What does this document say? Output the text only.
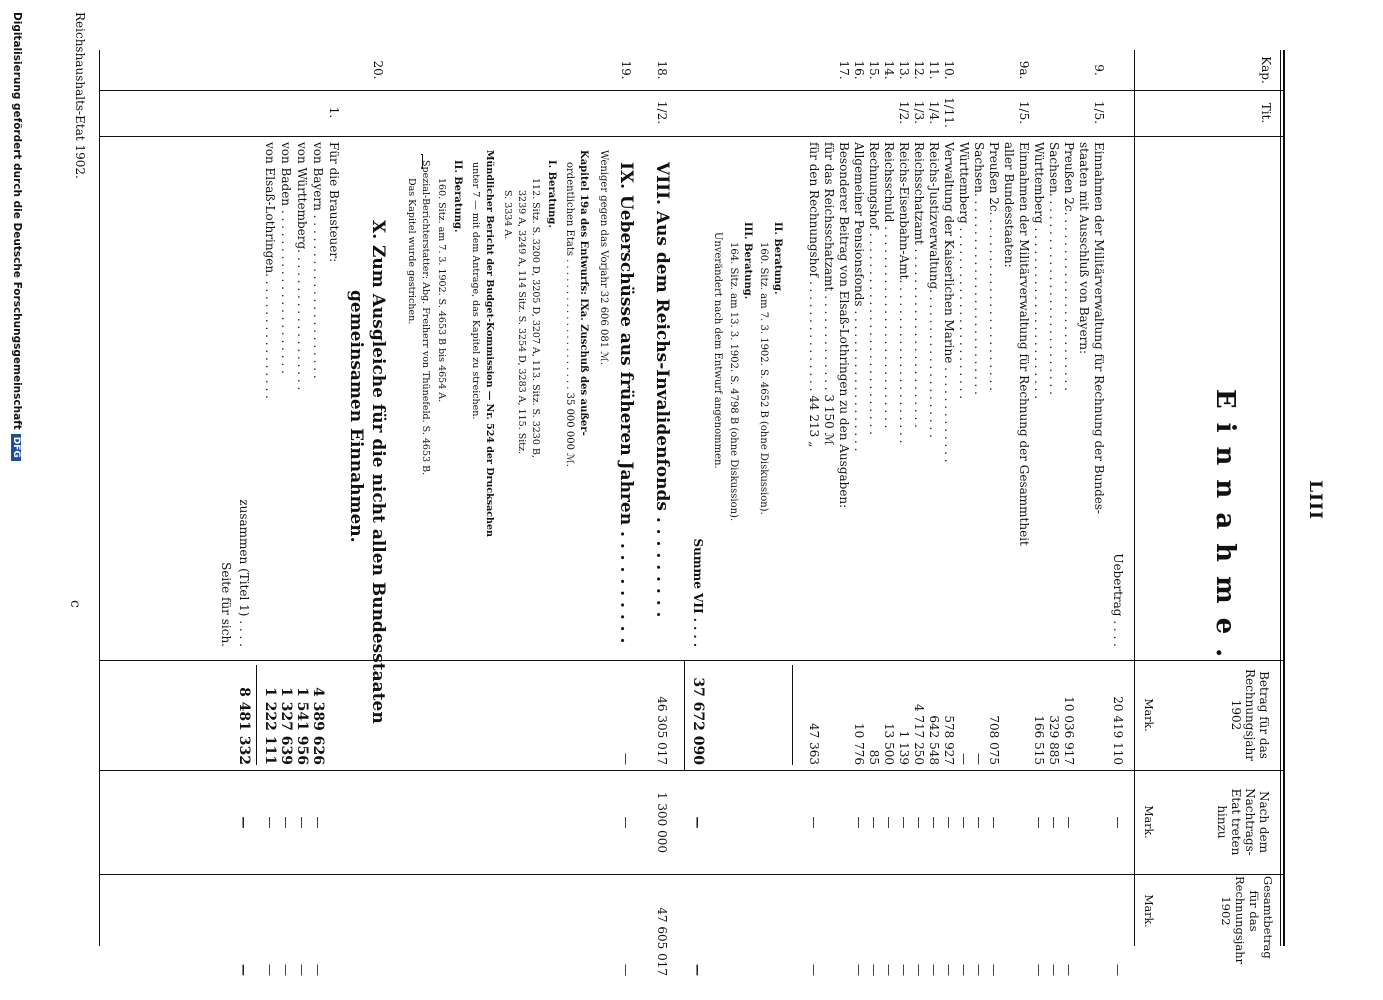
LIII
Kap.
Tit.
Einnahme.
Betrag für das Rechnungsjahr 1902
Mark.
Nach dem Nachtrags-Etat treten hinzu
Mark.
Gesamtbetrag für das Rechnungsjahr 1902
Mark.
Uebertrag . . . .
20 419 110
—
—
9.
1/5.
Einnahmen der Militärverwaltung für Rechnung der Bundes-
staaten mit Ausschluß von Bayern:
Preußen 2c. . . . . . . . . . . . . . . . . . . . . . . .
10 036 917
—
—
Sachsen. . . . . . . . . . . . . . . . . . . . . . . . . . .
329 885
—
—
Württemberg . . . . . . . . . . . . . . . . . . . . . . .
166 515
—
—
9a.
1/5.
Einnahmen der Militärverwaltung für Rechnung der Gesammtheit
aller Bundesstaaten:
Preußen 2c. . . . . . . . . . . . . . . . . . . . . . . .
708 075
—
—
Sachsen. . . . . . . . . . . . . . . . . . . . . . . . . . .
—
—
—
Württemberg . . . . . . . . . . . . . . . . . . . . . . .
—
—
—
10.
1/11.
Verwaltung der Kaiserlichen Marine . . . . . . . . . . . . .
578 927
—
—
11.
1/4.
Reichs-Justizverwaltung. . . . . . . . . . . . . . . . . . . .
642 548
—
—
12.
1/3.
Reichsschatzamt . . . . . . . . . . . . . . . . . . . . . . . .
4 717 250
—
—
13.
1/2.
Reichs-Eisenbahn-Amt. . . . . . . . . . . . . . . . . . . . . .
1 139
—
—
14.
Reichsschuld . . . . . . . . . . . . . . . . . . . . . . . . . . .
13 500
—
—
15.
Rechnungshof . . . . . . . . . . . . . . . . . . . . . . . . . . .
85
—
—
16.
Allgemeiner Pensionsfonds . . . . . . . . . . . . . . . . . . .
10 776
—
—
17.
Besonderer Beitrag von Elsaß-Lothringen zu den Ausgaben:
für das Reichsschatzamt . . . . . . . . . . . . . 3 150 ℳ
für den Rechnungshof . . . . . . . . . . . . . . . 44 213 „
47 363
—
—
II. Beratung.
160. Sitz. am 7. 3. 1902. S. 4652 B (ohne Diskussion).
III. Beratung.
164. Sitz. am 13. 3. 1902. S. 4798 B (ohne Diskussion).
Unverändert nach dem Entwurf angenommen.
Summe VII . . . .
37 672 090
—
—
18.
1/2.
VIII. Aus dem Reichs-Invalidenfonds . . . . . . . . .
46 305 017
1 300 000
47 605 017
19.
IX. Ueberschüsse aus früheren Jahren . . . . . . . . . .
—
—
—
Weniger gegen das Vorjahr 32 606 081 ℳ.
Kapitel 19a des Entwurfs: IXa. Zuschuß des außer-
ordentlichen Etats . . . . . . . . . . . . . . . . . . . . . 35 000 000 ℳ.
I. Beratung.
112. Sitz. S. 3200 D, 3205 D, 3207 A, 113. Sitz. S. 3230 B,
3239 A, 3249 A, 114 Sitz. S. 3254 D, 3283 A, 115. Sitz.
S. 3334 A.
Mündlicher Bericht der Budget-Kommission — Nr. 524 der Drucksachen
unter 7 — mit dem Antrage, das Kapitel zu streichen.
II. Beratung.
160. Sitz. am 7. 3. 1902. S. 4653 B bis 4654 A.
Spezial-Berichterstatter: Abg. Freiherr von Thünefeld. S. 4653 B.
Das Kapitel wurde gestrichen.
20.
X. Zum Ausgleiche für die nicht allen Bundesstaaten
gemeinsamen Einnahmen.
1.
Für die Brausteuer:
von Bayern . . . . . . . . . . . . . . . . . . . . . .
4 389 626
—
—
von Württemberg. . . . . . . . . . . . . . . . . . .
1 541 956
—
—
von Baden . . . . . . . . . . . . . . . . . . . . . .
1 327 639
—
—
von Elsaß-Lothringen. . . . . . . . . . . . . . . . .
1 222 111
—
—
zusammen (Titel 1) . . . .
8 481 332
—
—
Seite für sich.
Reichshaushalts-Etat 1902.
c
Digitalisierung gefördert durch die Deutsche ForschungsgemeinschaftDFG
